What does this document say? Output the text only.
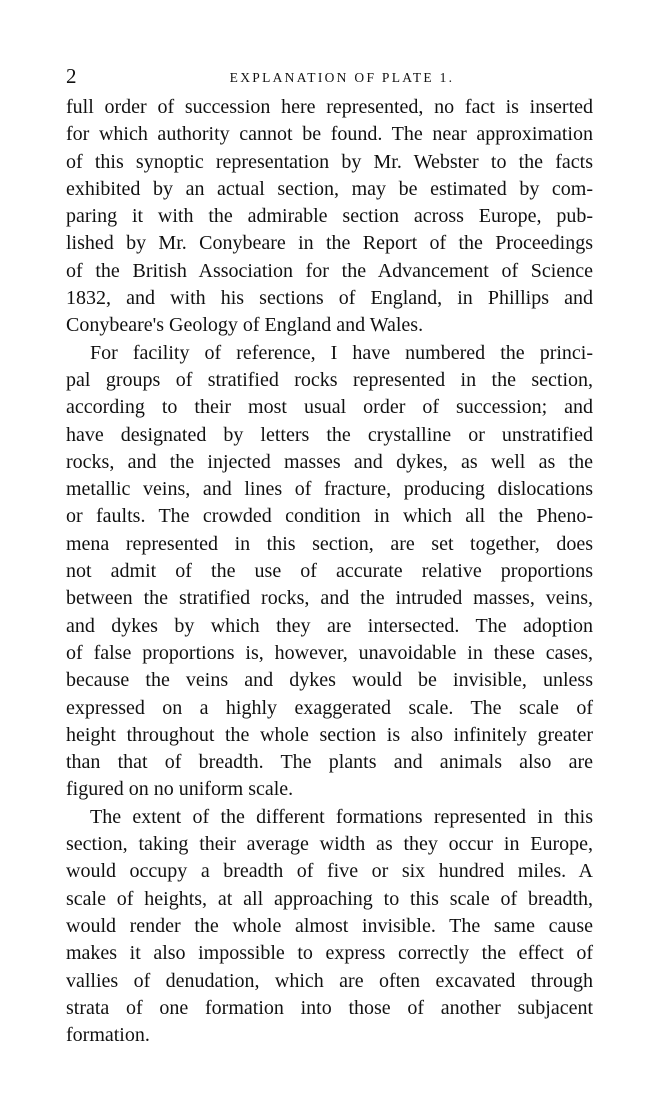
2	EXPLANATION OF PLATE 1.

full order of succession here represented, no fact is inserted
for which authority cannot be found. The near approximation
of this synoptic representation by Mr. Webster to the facts
exhibited by an actual section, may be estimated by com-
paring it with the admirable section across Europe, pub-
lished by Mr. Conybeare in the Report of the Proceedings
of the British Association for the Advancement of Science
1832, and with his sections of England, in Phillips and
Conybeare's Geology of England and Wales.

For facility of reference, I have numbered the princi-
pal groups of stratified rocks represented in the section,
according to their most usual order of succession; and
have designated by letters the crystalline or unstratified
rocks, and the injected masses and dykes, as well as the
metallic veins, and lines of fracture, producing dislocations
or faults. The crowded condition in which all the Pheno-
mena represented in this section, are set together, does
not admit of the use of accurate relative proportions
between the stratified rocks, and the intruded masses, veins,
and dykes by which they are intersected. The adoption
of false proportions is, however, unavoidable in these cases,
because the veins and dykes would be invisible, unless
expressed on a highly exaggerated scale. The scale of
height throughout the whole section is also infinitely greater
than that of breadth. The plants and animals also are
figured on no uniform scale.

The extent of the different formations represented in this
section, taking their average width as they occur in Europe,
would occupy a breadth of five or six hundred miles. A
scale of heights, at all approaching to this scale of breadth,
would render the whole almost invisible. The same cause
makes it also impossible to express correctly the effect of
vallies of denudation, which are often excavated through
strata of one formation into those of another subjacent
formation.
